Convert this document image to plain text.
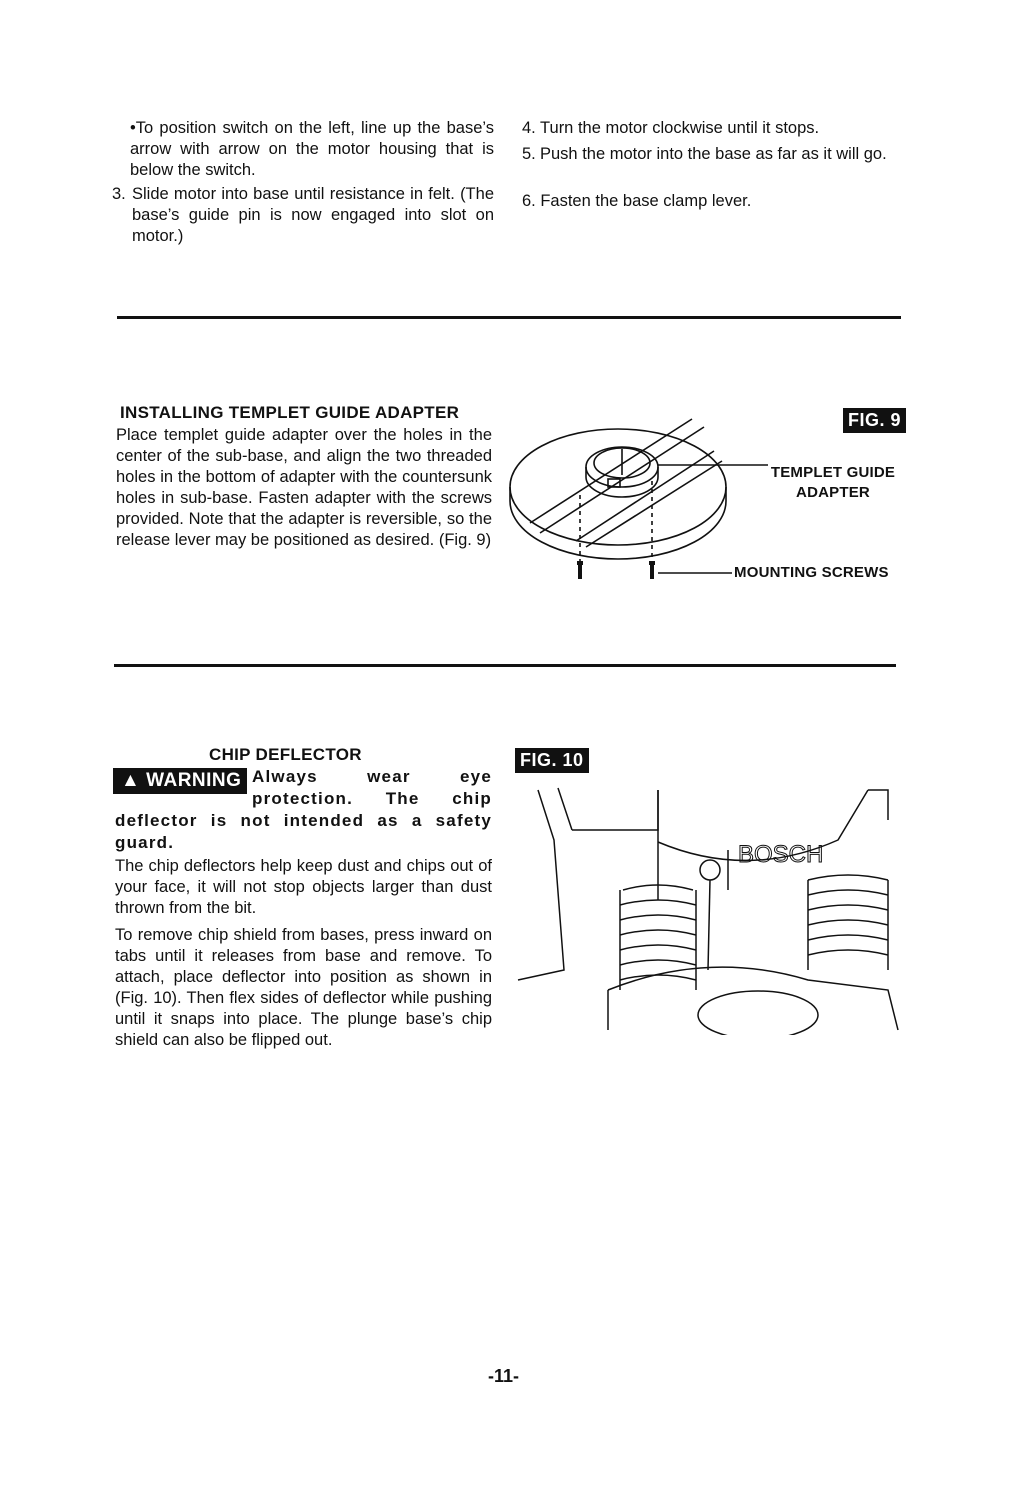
•To position switch on the left, line up the base’s arrow with arrow on the motor housing that is below the switch.
3. Slide motor into base until resistance in felt. (The base’s guide pin is now engaged into slot on motor.)
4. Turn the motor clockwise until it stops.
5. Push the motor into the base as far as it will go.
6. Fasten the base clamp lever.
INSTALLING TEMPLET GUIDE ADAPTER
Place templet guide adapter over the holes in the center of the sub-base, and align the two threaded holes in the bottom of adapter with the countersunk holes in sub-base. Fasten adapter with the screws provided. Note that the adapter is reversible, so the release lever may be positioned as desired. (Fig. 9)
FIG. 9
TEMPLET GUIDE
ADAPTER
MOUNTING SCREWS
CHIP DEFLECTOR
▲ WARNING Always wear eye
protection. The chip
deflector is not intended as a safety
guard.
The chip deflectors help keep dust and chips out of your face, it will not stop objects larger than dust thrown from the bit.
To remove chip shield from bases, press inward on tabs until it releases from base and remove. To attach, place deflector into position as shown in (Fig. 10). Then flex sides of deflector while pushing until it snaps into place. The plunge base’s chip shield can also be flipped out.
FIG. 10
BOSCH
-11-
